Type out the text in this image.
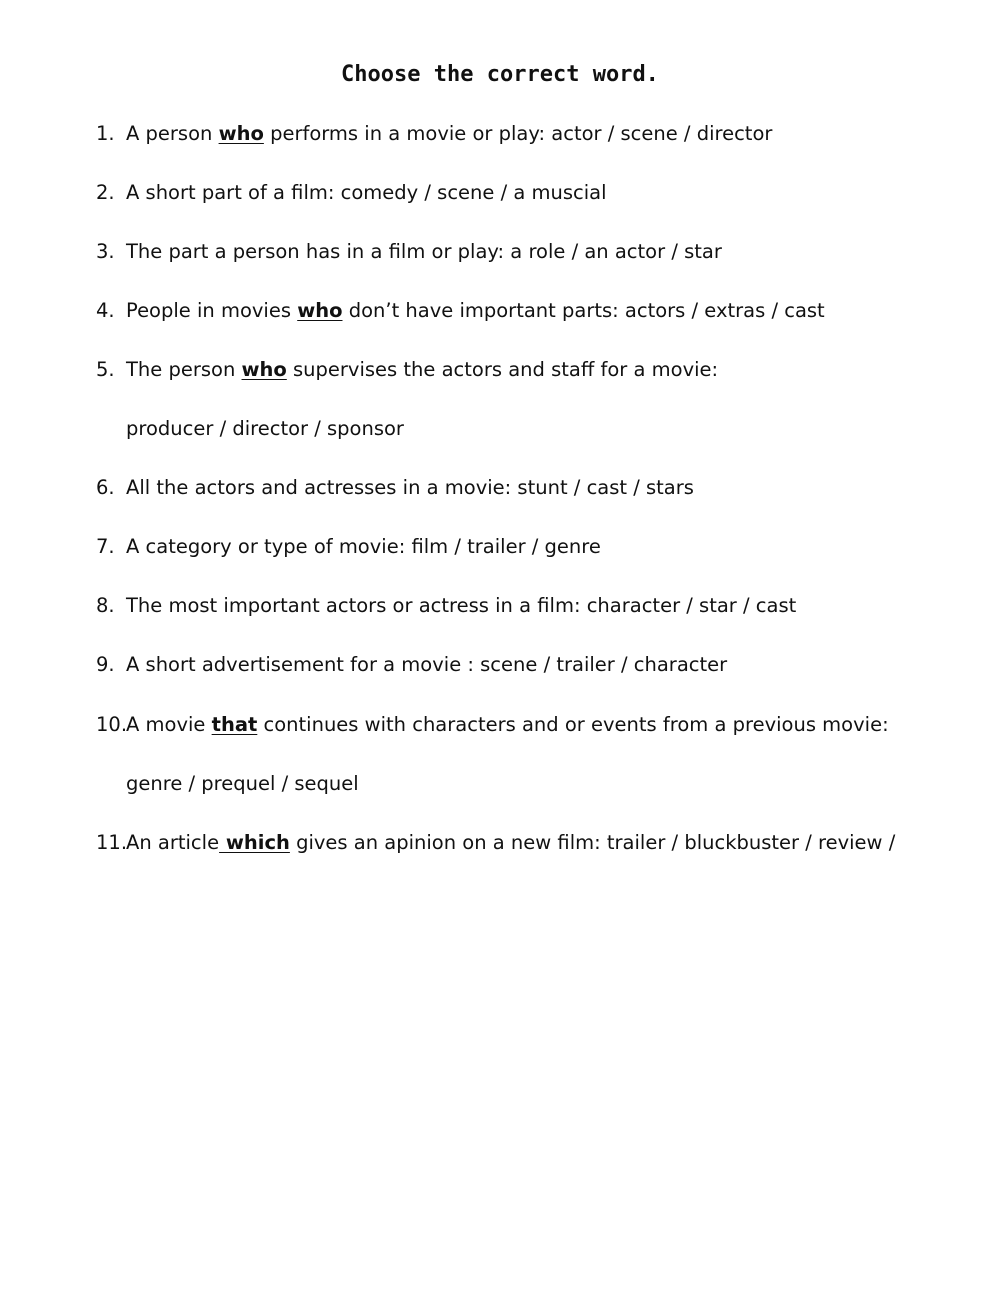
Choose the correct word.
1. A person who performs in a movie or play: actor / scene / director
2. A short part of a film: comedy / scene / a muscial
3. The part a person has in a film or play: a role / an actor / star
4. People in movies who don’t have important parts: actors / extras / cast
5. The person who supervises the actors and staff for a movie:
producer / director / sponsor
6. All the actors and actresses in a movie: stunt / cast / stars
7. A category or type of movie: film / trailer / genre
8. The most important actors or actress in a film: character / star / cast
9. A short advertisement for a movie : scene / trailer / character
10.
A movie that continues with characters and or events from a previous movie:
genre / prequel / sequel
11.
An article which gives an apinion on a new film: trailer / bluckbuster / review /
